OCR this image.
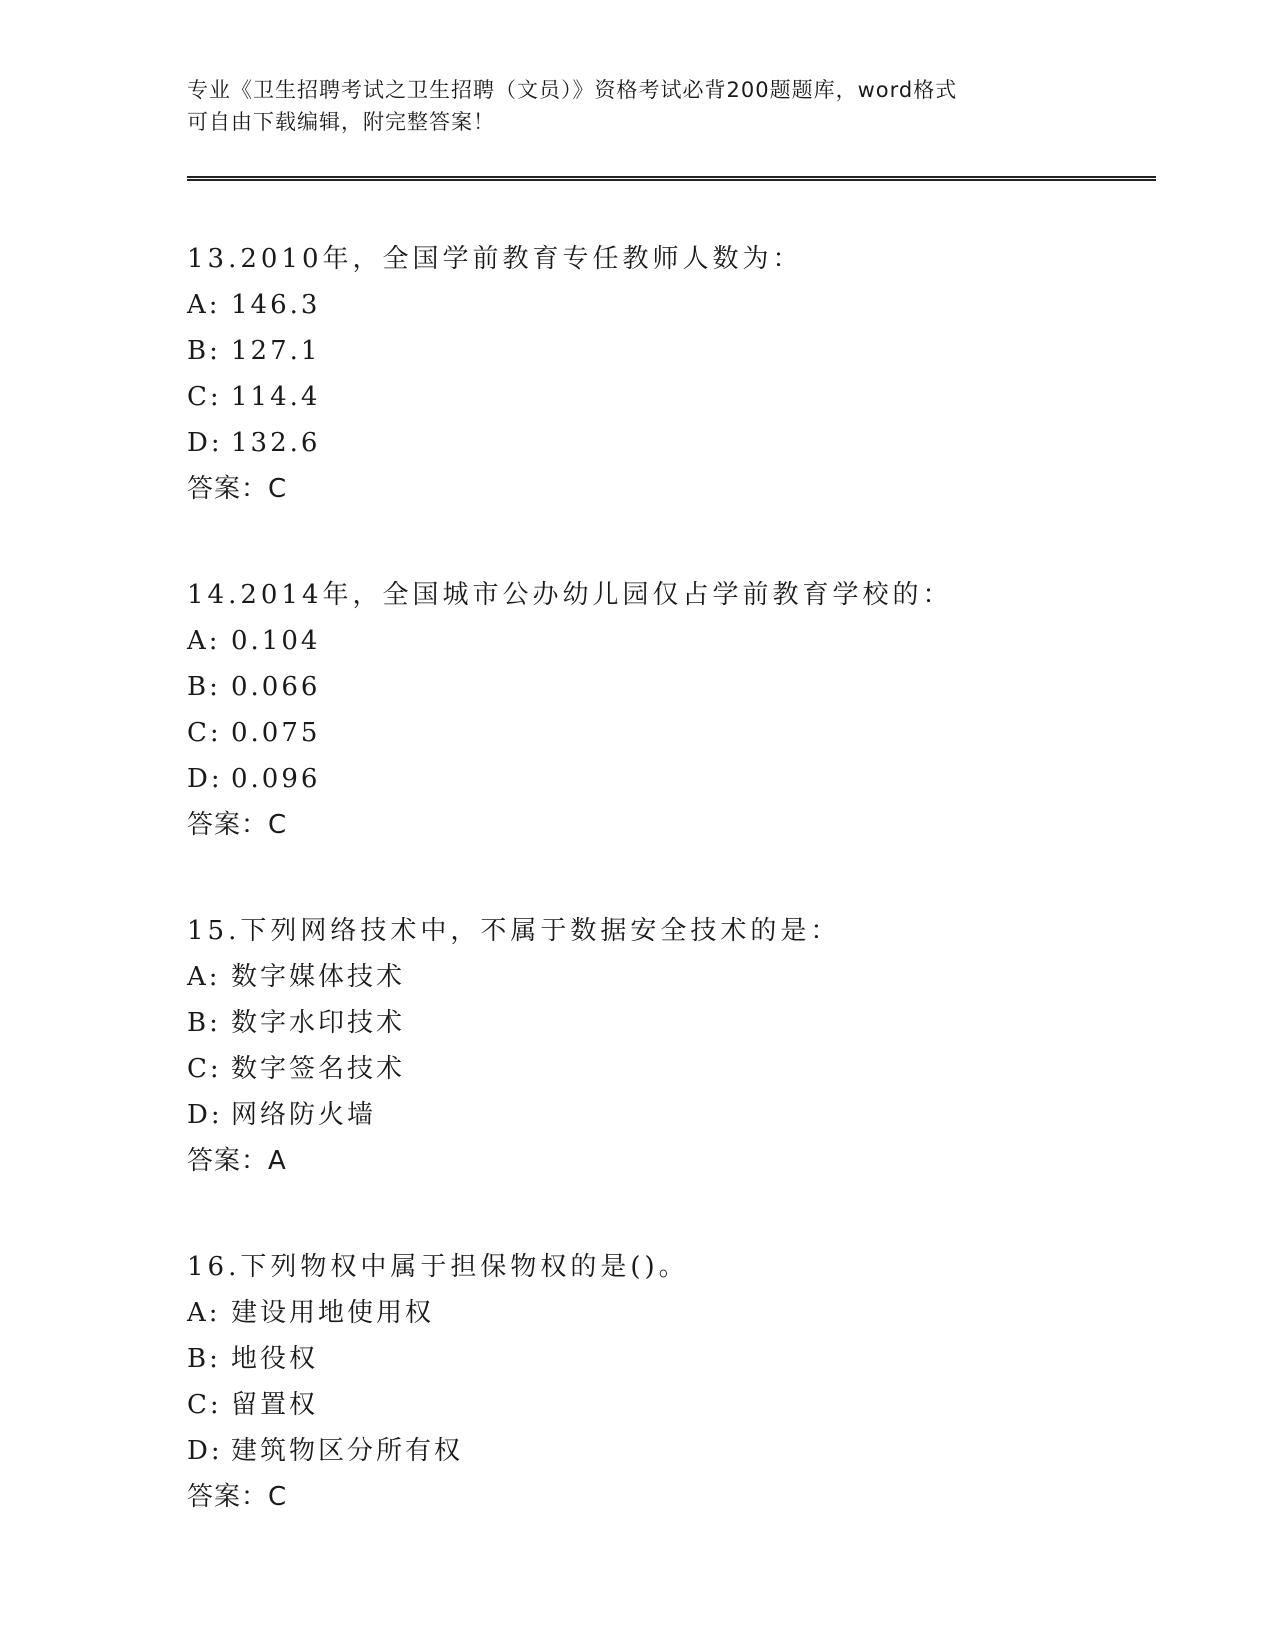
专业《卫生招聘考试之卫生招聘（文员）》资格考试必背200题题库，word格式
可自由下载编辑，附完整答案！
13.2010年，全国学前教育专任教师人数为：
A: 146.3
B: 127.1
C: 114.4
D: 132.6
答案：C
14.2014年，全国城市公办幼儿园仅占学前教育学校的：
A: 0.104
B: 0.066
C: 0.075
D: 0.096
答案：C
15.下列网络技术中，不属于数据安全技术的是：
A: 数字媒体技术
B: 数字水印技术
C: 数字签名技术
D: 网络防火墙
答案：A
16.下列物权中属于担保物权的是()。
A: 建设用地使用权
B: 地役权
C: 留置权
D: 建筑物区分所有权
答案：C
